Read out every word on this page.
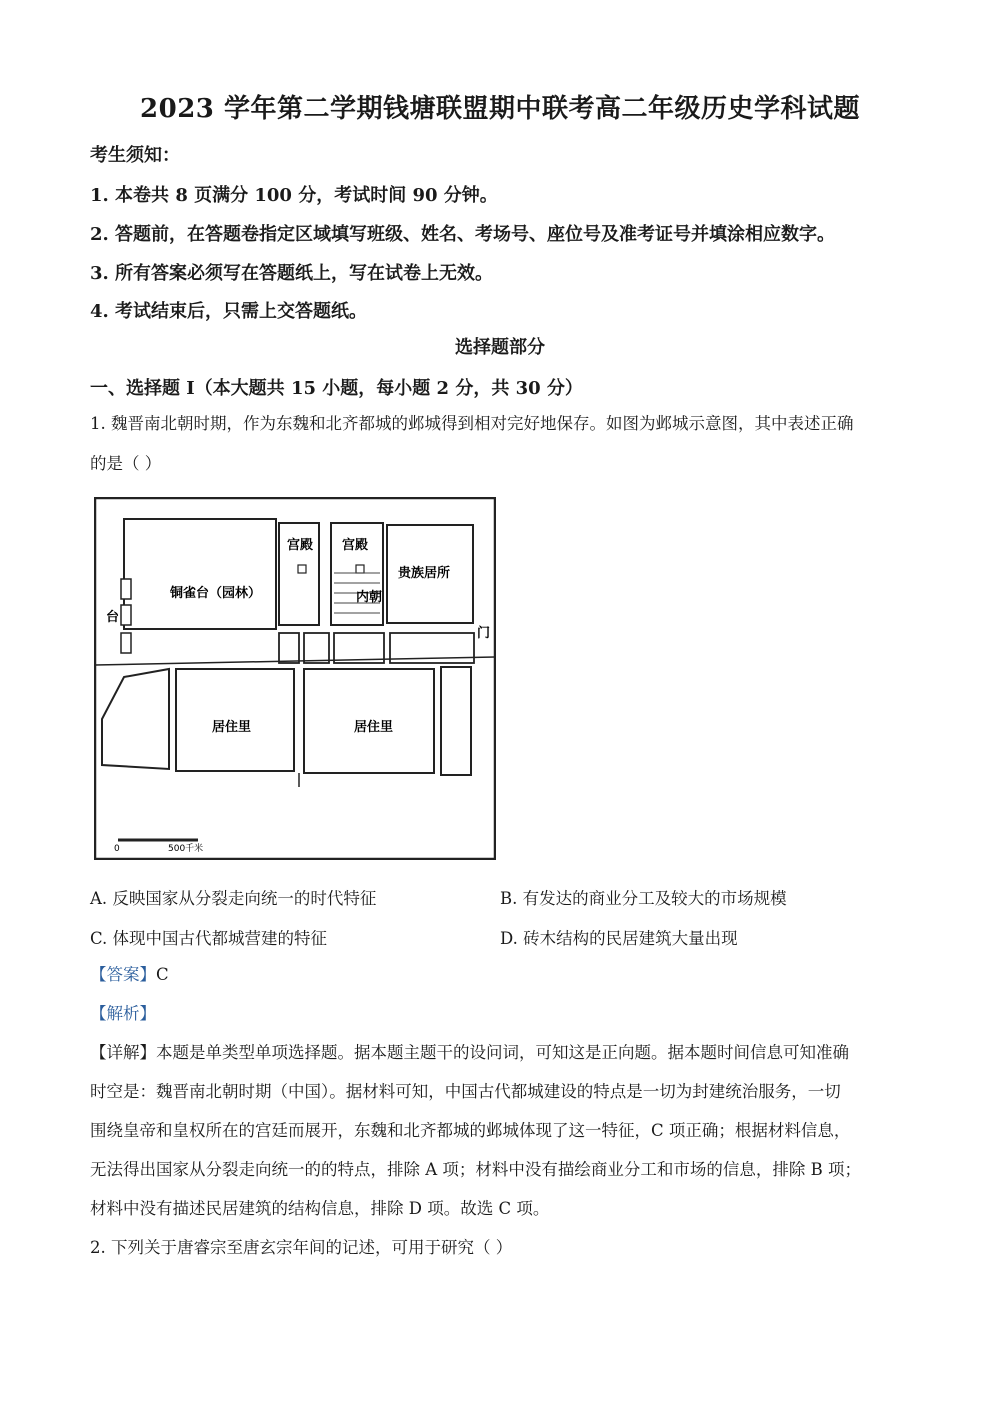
2023 学年第二学期钱塘联盟期中联考高二年级历史学科试题
考生须知：
1. 本卷共 8 页满分 100 分，考试时间 90 分钟。
2. 答题前，在答题卷指定区域填写班级、姓名、考场号、座位号及准考证号并填涂相应数字。
3. 所有答案必须写在答题纸上，写在试卷上无效。
4. 考试结束后，只需上交答题纸。
选择题部分
一、选择题 I（本大题共 15 小题，每小题 2 分，共 30 分）
1. 魏晋南北朝时期，作为东魏和北齐都城的邺城得到相对完好地保存。如图为邺城示意图，其中表述正确
的是（ ）
铜雀台（园林）
宫殿 宫殿
贵族居所
内朝
台
门
居住里	居住里
0	500千米
A. 反映国家从分裂走向统一的时代特征	B. 有发达的商业分工及较大的市场规模
C. 体现中国古代都城营建的特征	D. 砖木结构的民居建筑大量出现
【答案】C
【解析】
【详解】本题是单类型单项选择题。据本题主题干的设问词，可知这是正向题。据本题时间信息可知准确
时空是：魏晋南北朝时期（中国）。据材料可知，中国古代都城建设的特点是一切为封建统治服务，一切
围绕皇帝和皇权所在的宫廷而展开，东魏和北齐都城的邺城体现了这一特征，C 项正确；根据材料信息，
无法得出国家从分裂走向统一的的特点，排除 A 项；材料中没有描绘商业分工和市场的信息，排除 B 项；
材料中没有描述民居建筑的结构信息，排除 D 项。故选 C 项。
2. 下列关于唐睿宗至唐玄宗年间的记述，可用于研究（ ）
